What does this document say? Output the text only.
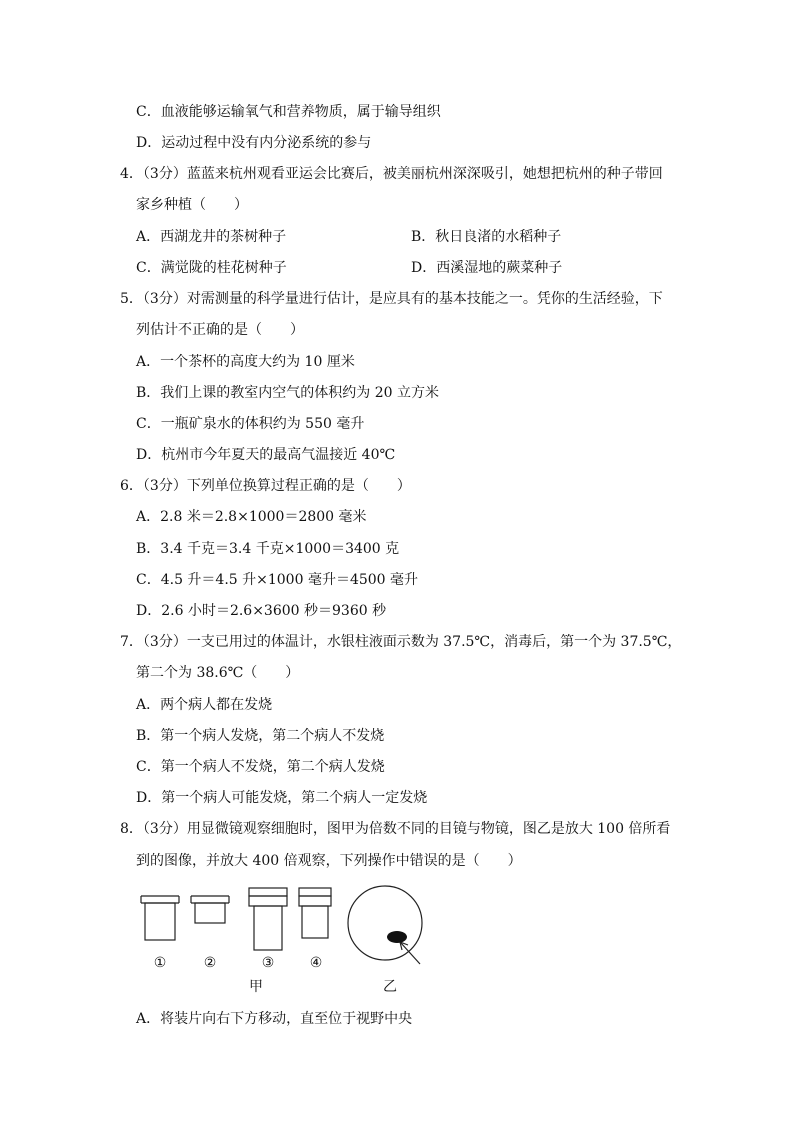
C．血液能够运输氧气和营养物质，属于输导组织
D．运动过程中没有内分泌系统的参与
4．（3分）蓝蓝来杭州观看亚运会比赛后，被美丽杭州深深吸引，她想把杭州的种子带回
家乡种植（　　）
A．西湖龙井的茶树种子	B．秋日良渚的水稻种子
C．满觉陇的桂花树种子	D．西溪湿地的蕨菜种子
5．（3分）对需测量的科学量进行估计，是应具有的基本技能之一。凭你的生活经验，下
列估计不正确的是（　　）
A．一个茶杯的高度大约为 10 厘米
B．我们上课的教室内空气的体积约为 20 立方米
C．一瓶矿泉水的体积约为 550 毫升
D．杭州市今年夏天的最高气温接近 40℃
6．（3分）下列单位换算过程正确的是（　　）
A．2.8 米＝2.8×1000＝2800 毫米
B．3.4 千克＝3.4 千克×1000＝3400 克
C．4.5 升＝4.5 升×1000 毫升＝4500 毫升
D．2.6 小时＝2.6×3600 秒＝9360 秒
7．（3分）一支已用过的体温计，水银柱液面示数为 37.5℃，消毒后，第一个为 37.5℃，
第二个为 38.6℃（　　）
A．两个病人都在发烧
B．第一个病人发烧，第二个病人不发烧
C．第一个病人不发烧，第二个病人发烧
D．第一个病人可能发烧，第二个病人一定发烧
8．（3分）用显微镜观察细胞时，图甲为倍数不同的目镜与物镜，图乙是放大 100 倍所看
到的图像，并放大 400 倍观察，下列操作中错误的是（　　）
①	②	③	④
甲	乙
A．将装片向右下方移动，直至位于视野中央
